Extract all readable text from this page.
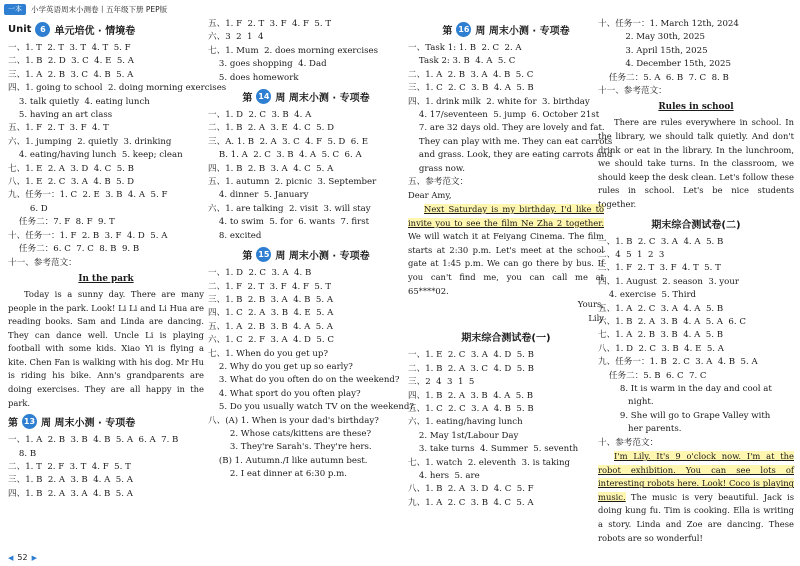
一本	小学英语周末小测卷丨五年级下册 PEP版
Unit	6 单元培优 · 情境卷
一、1. T  2. T  3. T  4. T  5. F
二、1. B  2. D  3. C  4. E  5. A
三、1. A  2. B  3. C  4. B  5. A
四、1. going to school  2. doing morning exercises
3. talk quietly  4. eating lunch
5. having an art class
五、1. F  2. T  3. F  4. T
六、1. jumping  2. quietly  3. drinking
4. eating/having lunch  5. keep; clean
七、1. E  2. A  3. D  4. C  5. B
八、1. E  2. C  3. A  4. B  5. D
九、任务一：1. C  2. E  3. B  4. A  5. F
6. D
任务二：7. F  8. F  9. T
十、任务一：1. F  2. B  3. F  4. D  5. A
任务二：6. C  7. C  8. B  9. B
十一、参考范文：
In the park

Today is a sunny day. There are many people in the park. Look! Li Li and Li Hua are reading books. Sam and Linda are dancing. They can dance well. Uncle Li is playing football with some kids. Xiao Yi is flying a kite. Chen Fan is walking with his dog. Mr Hu is riding his bike. Ann's grandparents are doing exercises. They are all happy in the park.

第 13 周 周末小测 · 专项卷
一、1. A  2. B  3. B  4. B  5. A  6. A  7. B
8. B
二、1. T  2. F  3. T  4. F  5. T
三、1. B  2. A  3. B  4. A  5. A
四、1. B  2. A  3. A  4. B  5. A
五、1. F  2. T  3. F  4. F  5. T
六、3  2  1  4
七、1. Mum  2. does morning exercises
3. goes shopping  4. Dad
5. does homework
第 14 周 周末小测 · 专项卷
一、1. D  2. C  3. B  4. A
二、1. B  2. A  3. E  4. C  5. D
三、A. 1. B  2. A  3. C  4. F  5. D  6. E
B. 1. A  2. C  3. B  4. A  5. C  6. A
四、1. B  2. B  3. A  4. C  5. A
五、1. autumn  2. picnic  3. September
4. dinner  5. January
六、1. are talking  2. visit  3. will stay
4. to swim  5. for  6. wants  7. first
8. excited
第 15 周 周末小测 · 专项卷
一、1. D  2. C  3. A  4. B
二、1. F  2. T  3. F  4. F  5. T
三、1. B  2. B  3. A  4. B  5. A
四、1. C  2. A  3. B  4. E  5. A
五、1. A  2. B  3. B  4. A  5. A
六、1. C  2. F  3. A  4. D  5. C
七、1. When do you get up?
2. Why do you get up so early?
3. What do you often do on the weekend?
4. What sport do you often play?
5. Do you usually watch TV on the weekend?
八、(A) 1. When is your dad's birthday?
2. Whose cats/kittens are these?
3. They're Sarah's. They're hers.
(B) 1. Autumn./I like autumn best.
2. I eat dinner at 6:30 p.m.
第 16 周 周末小测 · 专项卷
一、Task 1: 1. B  2. C  2. A
Task 2: 3. B  4. A  5. C
二、1. A  2. B  3. A  4. B  5. C
三、1. C  2. C  3. B  4. A  5. B
四、1. drink milk  2. white for  3. birthday
4. 17/seventeen  5. jump  6. October 21st
7. are 32 days old. They are lovely and fat.
They can play with me. They can eat carrots
and grass. Look, they are eating carrots and
grass now.
五、参考范文：

Dear Amy,

Next Saturday is my birthday. I'd like to invite you to see the film Ne Zha 2 together. We will watch it at Feiyang Cinema. The film starts at 2:30 p.m. Let's meet at the school gate at 1:45 p.m. We can go there by bus. If you can't find me, you can call me at 65****02.

Yours,
Lily
期末综合测试卷(一)
一、1. E  2. C  3. A  4. D  5. B
二、1. B  2. A  3. C  4. D  5. B
三、2  4  3  1  5
四、1. B  2. A  3. B  4. A  5. B
五、1. C  2. C  3. A  4. B  5. B
六、1. eating/having lunch
2. May 1st/Labour Day
3. take turns  4. Summer  5. seventh
七、1. watch  2. eleventh  3. is taking
4. hers  5. are
八、1. B  2. A  3. D  4. C  5. F
九、1. A  2. C  3. B  4. C  5. A
十、任务一：1. March 12th, 2024
2. May 30th, 2025
3. April 15th, 2025
4. December 15th, 2025
任务二：5. A  6. B  7. C  8. B
十一、参考范文：
Rules in school

There are rules everywhere in school. In the library, we should talk quietly. And don't drink or eat in the library. In the lunchroom, we should take turns. In the classroom, we should keep the desk clean. Let's follow these rules in school. Let's be nice students together.

期末综合测试卷(二)
一、1. B  2. C  3. A  4. A  5. B
二、4  5  1  2  3
三、1. F  2. T  3. F  4. T  5. T
四、1. August  2. season  3. your
4. exercise  5. Third
五、1. A  2. C  3. A  4. A  5. B
六、1. B  2. A  3. B  4. A  5. A  6. C
七、1. A  2. B  3. B  4. A  5. B
八、1. D  2. C  3. B  4. E  5. A
九、任务一：1. B  2. C  3. A  4. B  5. A
任务二：5. B  6. C  7. C
8. It is warm in the day and cool at
night.
9. She will go to Grape Valley with
her parents.
十、参考范文：

I'm Lily. It's 9 o'clock now. I'm at the robot exhibition. You can see lots of interesting robots here. Look! Coco is playing music. The music is very beautiful. Jack is doing kung fu. Tim is cooking. Ella is writing a story. Linda and Zoe are dancing. These robots are so wonderful!

◀ 52 ▶
